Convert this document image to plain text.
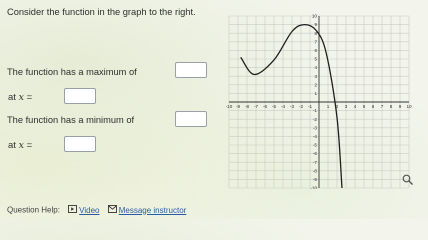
Consider the function in the graph to the right.
The function has a maximum of
at x =
The function has a minimum of
at x =
-10 -9 -8 -7 -6 -5 -4 -3 -2 -1	1 2 3 4 5 6 7 8 9 10
10
9
8
7
6
5
4
3
2
1
-1
-2
-3
-4
-5
-6
-7
-8
-9
-10
Question Help: Video Message instructor
